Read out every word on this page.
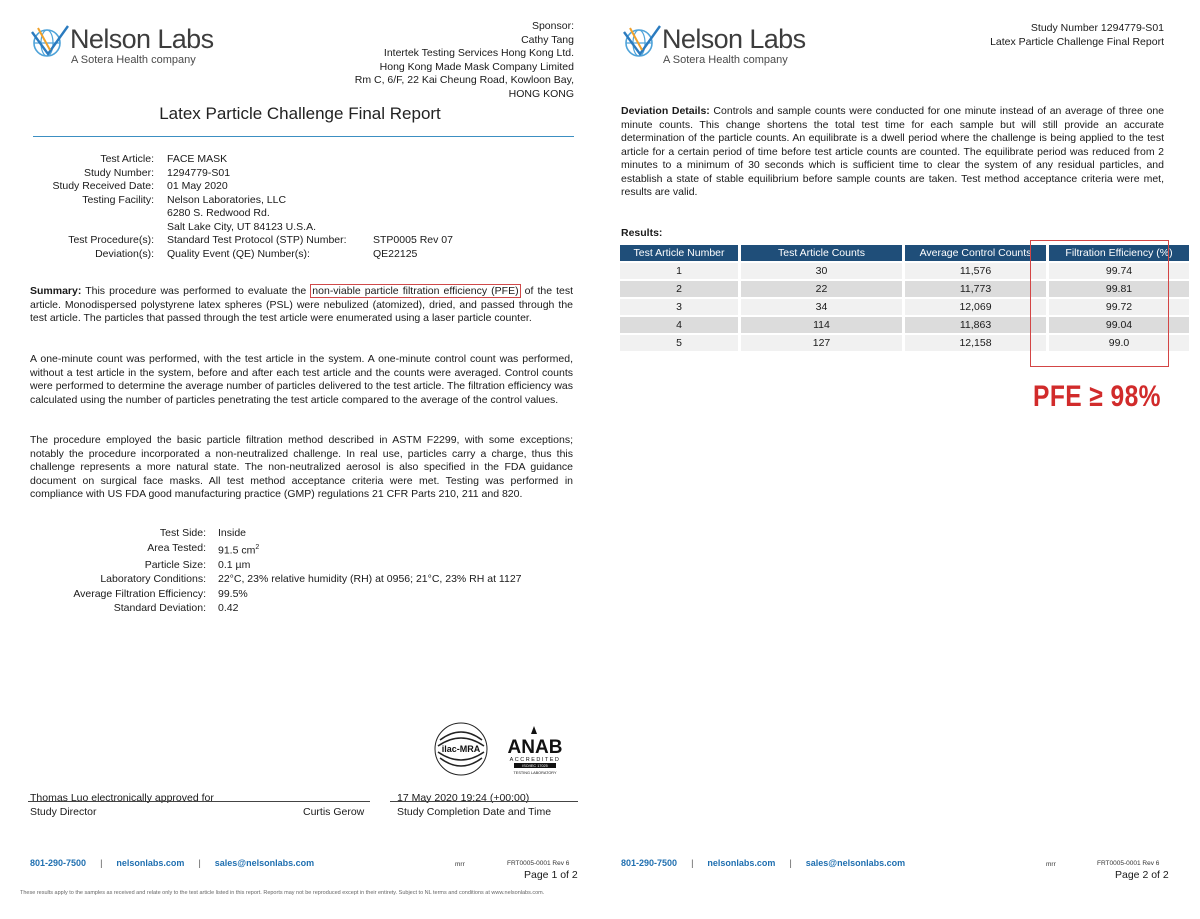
Nelson Labs
A Sotera Health company
Sponsor:
Cathy Tang
Intertek Testing Services Hong Kong Ltd.
Hong Kong Made Mask Company Limited
Rm C, 6/F, 22 Kai Cheung Road, Kowloon Bay,
HONG KONG
Latex Particle Challenge Final Report
Test Article:	FACE MASK
Study Number:	1294779-S01
Study Received Date:	01 May 2020
Testing Facility:	Nelson Laboratories, LLC
6280 S. Redwood Rd.
Salt Lake City, UT 84123 U.S.A.
Test Procedure(s):	Standard Test Protocol (STP) Number:	STP0005 Rev 07
Deviation(s):	Quality Event (QE) Number(s):	QE22125
Summary: This procedure was performed to evaluate the non-viable particle filtration efficiency (PFE) of the test article. Monodispersed polystyrene latex spheres (PSL) were nebulized (atomized), dried, and passed through the test article. The particles that passed through the test article were enumerated using a laser particle counter.
A one-minute count was performed, with the test article in the system. A one-minute control count was performed, without a test article in the system, before and after each test article and the counts were averaged. Control counts were performed to determine the average number of particles delivered to the test article. The filtration efficiency was calculated using the number of particles penetrating the test article compared to the average of the control values.
The procedure employed the basic particle filtration method described in ASTM F2299, with some exceptions; notably the procedure incorporated a non-neutralized challenge. In real use, particles carry a charge, thus this challenge represents a more natural state. The non-neutralized aerosol is also specified in the FDA guidance document on surgical face masks. All test method acceptance criteria were met. Testing was performed in compliance with US FDA good manufacturing practice (GMP) regulations 21 CFR Parts 210, 211 and 820.
Test Side:	Inside
Area Tested:	91.5 $cm^2$
Particle Size:	0.1 µm
Laboratory Conditions:	22°C, 23% relative humidity (RH) at 0956; 21°C, 23% RH at 1127
Average Filtration Efficiency:	99.5%
Standard Deviation:	0.42
ilac-MRA ANAB
ACCREDITED
ISO/IEC 17025
TESTING LABORATORY
Thomas Luo electronically approved for
Study Director	Curtis Gerow
17 May 2020 19:24 (+00:00)
Study Completion Date and Time
801-290-7500 | nelsonlabs.com | sales@nelsonlabs.com	mrr	FRT0005-0001 Rev 6
Page 1 of 2
These results apply to the samples as received and relate only to the test article listed in this report. Reports may not be reproduced except in their entirety. Subject to NL terms and conditions at www.nelsonlabs.com.
Nelson Labs
A Sotera Health company
Study Number 1294779-S01
Latex Particle Challenge Final Report
Deviation Details: Controls and sample counts were conducted for one minute instead of an average of three one minute counts. This change shortens the total test time for each sample but will still provide an accurate determination of the particle counts. An equilibrate is a dwell period where the challenge is being applied to the test article for a certain period of time before test article counts are counted. The equilibrate period was reduced from 2 minutes to a minimum of 30 seconds which is sufficient time to clear the system of any residual particles, and establish a state of stable equilibrium before sample counts are taken. Test method acceptance criteria were met, results are valid.
Results:
Test Article Number	Test Article Counts	Average Control Counts	Filtration Efficiency (%)
1	30	11,576	99.74
2	22	11,773	99.81
3	34	12,069	99.72
4	114	11,863	99.04
5	127	12,158	99.0
PFE ≥ 98%
801-290-7500 | nelsonlabs.com | sales@nelsonlabs.com	mrr	FRT0005-0001 Rev 6
Page 2 of 2
